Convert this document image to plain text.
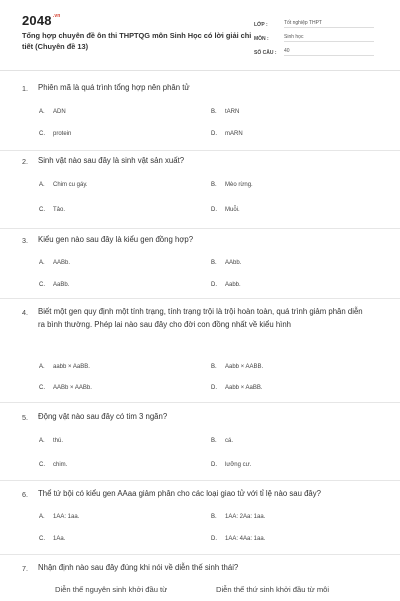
$2048^{.vn}$
Tổng hợp chuyên đề ôn thi THPTQG môn Sinh Học có lời giải chi tiết (Chuyên đề 13)
LỚP :	Tốt nghiệp THPT
MÔN :	Sinh học
SỐ CÂU :	40
1. Phiên mã là quá trình tổng hợp nên phân tử
A. ADN	B. tARN
C. protein	D. mARN
2. Sinh vật nào sau đây là sinh vật sản xuất?
A. Chim cu gáy.	B. Mèo rừng.
C. Tảo.	D. Muỗi.
3. Kiểu gen nào sau đây là kiểu gen đồng hợp?
A. AABb.	B. AAbb.
C. AaBb.	D. Aabb.
4. Biết một gen quy định một tính trạng, tính trạng trội là trội hoàn toàn, quá trình giảm phân diễn ra bình thường. Phép lai nào sau đây cho đời con đồng nhất về kiểu hình
A. aabb × AaBB.	B. Aabb × AABB.
C. AABb × AABb.	D. Aabb × AaBB.
5. Động vật nào sau đây có tim 3 ngăn?
A. thú.	B. cá.
C. chim.	D. lưỡng cư.
6. Thể tứ bội có kiểu gen AAaa giảm phân cho các loại giao tử với tỉ lệ nào sau đây?
A. 1AA: 1aa.	B. 1AA: 2Aa: 1aa.
C. 1Aa.	D. 1AA: 4Aa: 1aa.
7. Nhận định nào sau đây đúng khi nói về diễn thế sinh thái?
Diễn thế nguyên sinh khởi đầu từ	Diễn thế thứ sinh khởi đầu từ môi
